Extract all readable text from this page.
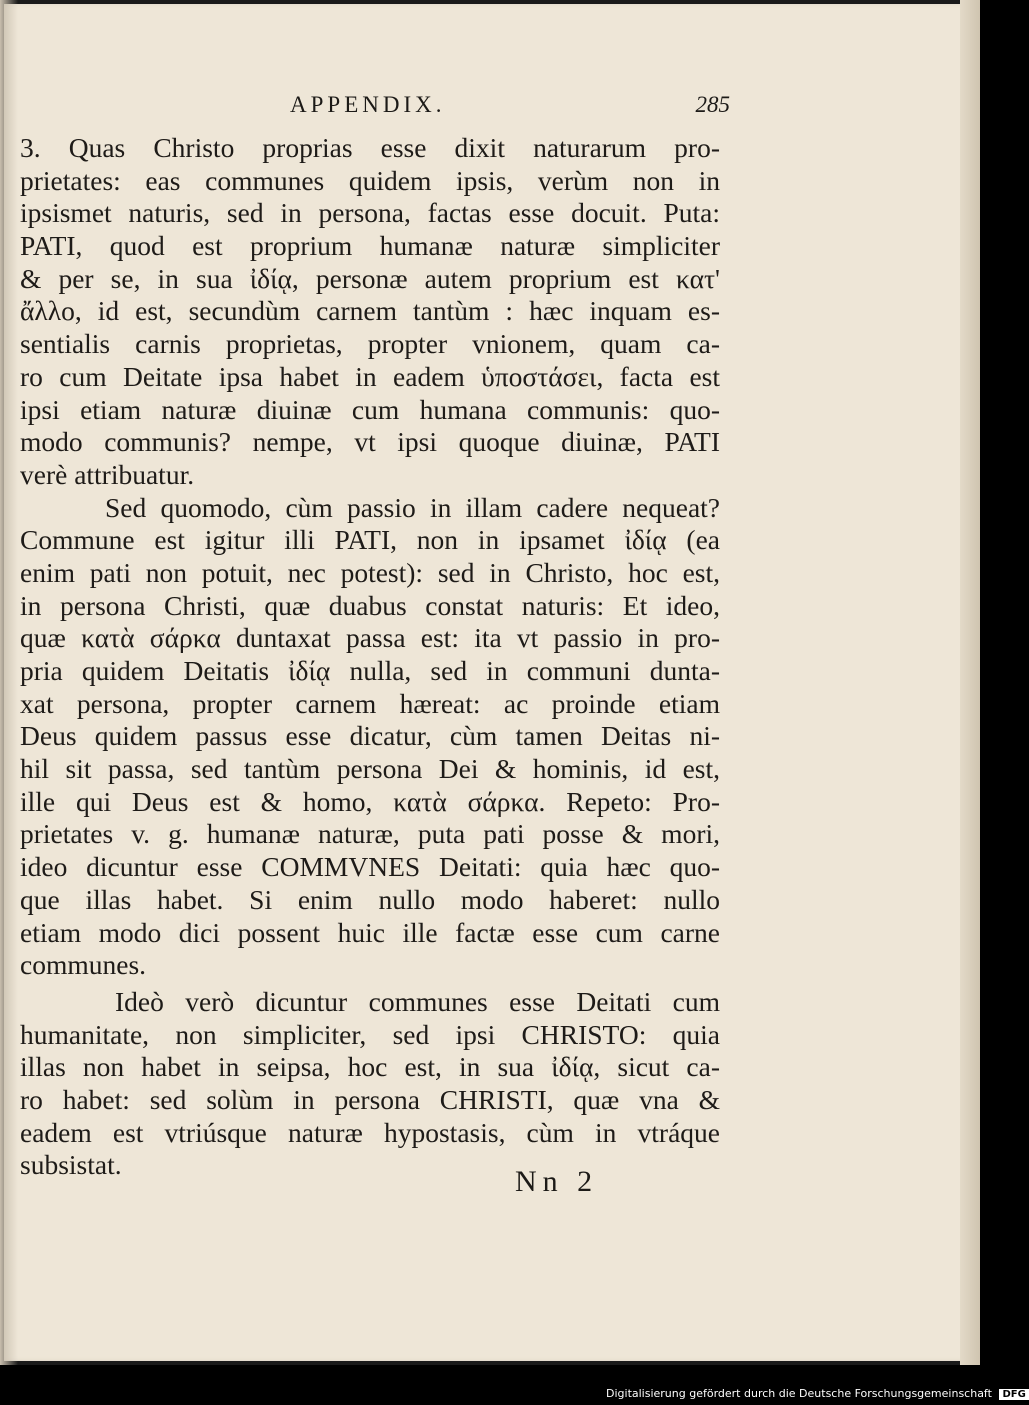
APPENDIX.	285
3. Quas Christo proprias esse dixit naturarum pro-
prietates: eas communes quidem ipsis, verùm non in
ipsismet naturis, sed in persona, factas esse docuit. Puta:
PATI, quod est proprium humanæ naturæ simpliciter
& per se, in sua ἰδίᾳ, personæ autem proprium est κατ'
ἄλλο, id est, secundùm carnem tantùm : hæc inquam es-
sentialis carnis proprietas, propter vnionem, quam ca-
ro cum Deitate ipsa habet in eadem ὑποστάσει, facta est
ipsi etiam naturæ diuinæ cum humana communis: quo-
modo communis? nempe, vt ipsi quoque diuinæ, PATI
verè attribuatur.
Sed quomodo, cùm passio in illam cadere nequeat?
Commune est igitur illi PATI, non in ipsamet ἰδίᾳ (ea
enim pati non potuit, nec potest): sed in Christo, hoc est,
in persona Christi, quæ duabus constat naturis: Et ideo,
quæ κατὰ σάρκα duntaxat passa est: ita vt passio in pro-
pria quidem Deitatis ἰδίᾳ nulla, sed in communi dunta-
xat persona, propter carnem hæreat: ac proinde etiam
Deus quidem passus esse dicatur, cùm tamen Deitas ni-
hil sit passa, sed tantùm persona Dei & hominis, id est,
ille qui Deus est & homo, κατὰ σάρκα. Repeto: Pro-
prietates v. g. humanæ naturæ, puta pati posse & mori,
ideo dicuntur esse COMMVNES Deitati: quia hæc quo-
que illas habet. Si enim nullo modo haberet: nullo
etiam modo dici possent huic ille factæ esse cum carne
communes.
Ideò verò dicuntur communes esse Deitati cum
humanitate, non simpliciter, sed ipsi CHRISTO: quia
illas non habet in seipsa, hoc est, in sua ἰδίᾳ, sicut ca-
ro habet: sed solùm in persona CHRISTI, quæ vna &
eadem est vtriúsque naturæ hypostasis, cùm in vtráque
subsistat.
Nn 2
Digitalisierung gefördert durch die Deutsche Forschungsgemeinschaft DFG
